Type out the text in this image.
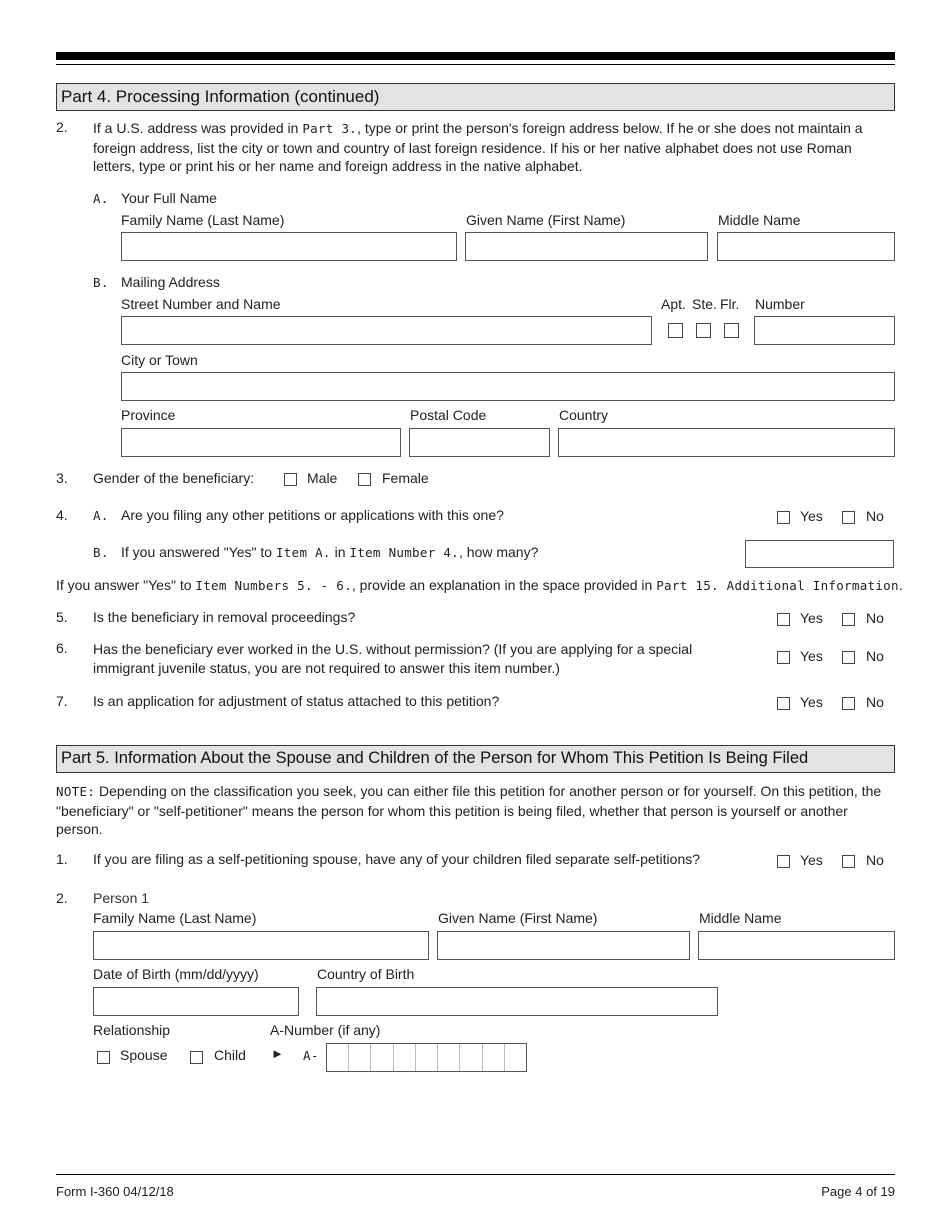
Part 4. Processing Information (continued)
2. If a U.S. address was provided in Part 3., type or print the person's foreign address below. If he or she does not maintain a foreign address, list the city or town and country of last foreign residence. If his or her native alphabet does not use Roman letters, type or print his or her name and foreign address in the native alphabet.
A. Your Full Name
Family Name (Last Name)	Given Name (First Name)	Middle Name
B. Mailing Address
Street Number and Name	Apt. Ste. Flr. Number
City or Town
Province	Postal Code	Country
3. Gender of the beneficiary:	Male	Female
4. A. Are you filing any other petitions or applications with this one?	Yes	No
B. If you answered "Yes" to Item A. in Item Number 4., how many?
If you answer "Yes" to Item Numbers 5. - 6., provide an explanation in the space provided in Part 15. Additional Information.
5. Is the beneficiary in removal proceedings?	Yes	No
6. Has the beneficiary ever worked in the U.S. without permission? (If you are applying for a special immigrant juvenile status, you are not required to answer this item number.)
Yes	No
7. Is an application for adjustment of status attached to this petition?	Yes	No
Part 5. Information About the Spouse and Children of the Person for Whom This Petition Is Being Filed
NOTE: Depending on the classification you seek, you can either file this petition for another person or for yourself. On this petition, the "beneficiary" or "self-petitioner" means the person for whom this petition is being filed, whether that person is yourself or another person.
1. If you are filing as a self-petitioning spouse, have any of your children filed separate self-petitions?	Yes	No
2. Person 1
Family Name (Last Name)	Given Name (First Name)	Middle Name
Date of Birth (mm/dd/yyyy)	Country of Birth
Relationship	A-Number (if any)
Spouse	Child ► A-
Form I-360 04/12/18	Page 4 of 19
